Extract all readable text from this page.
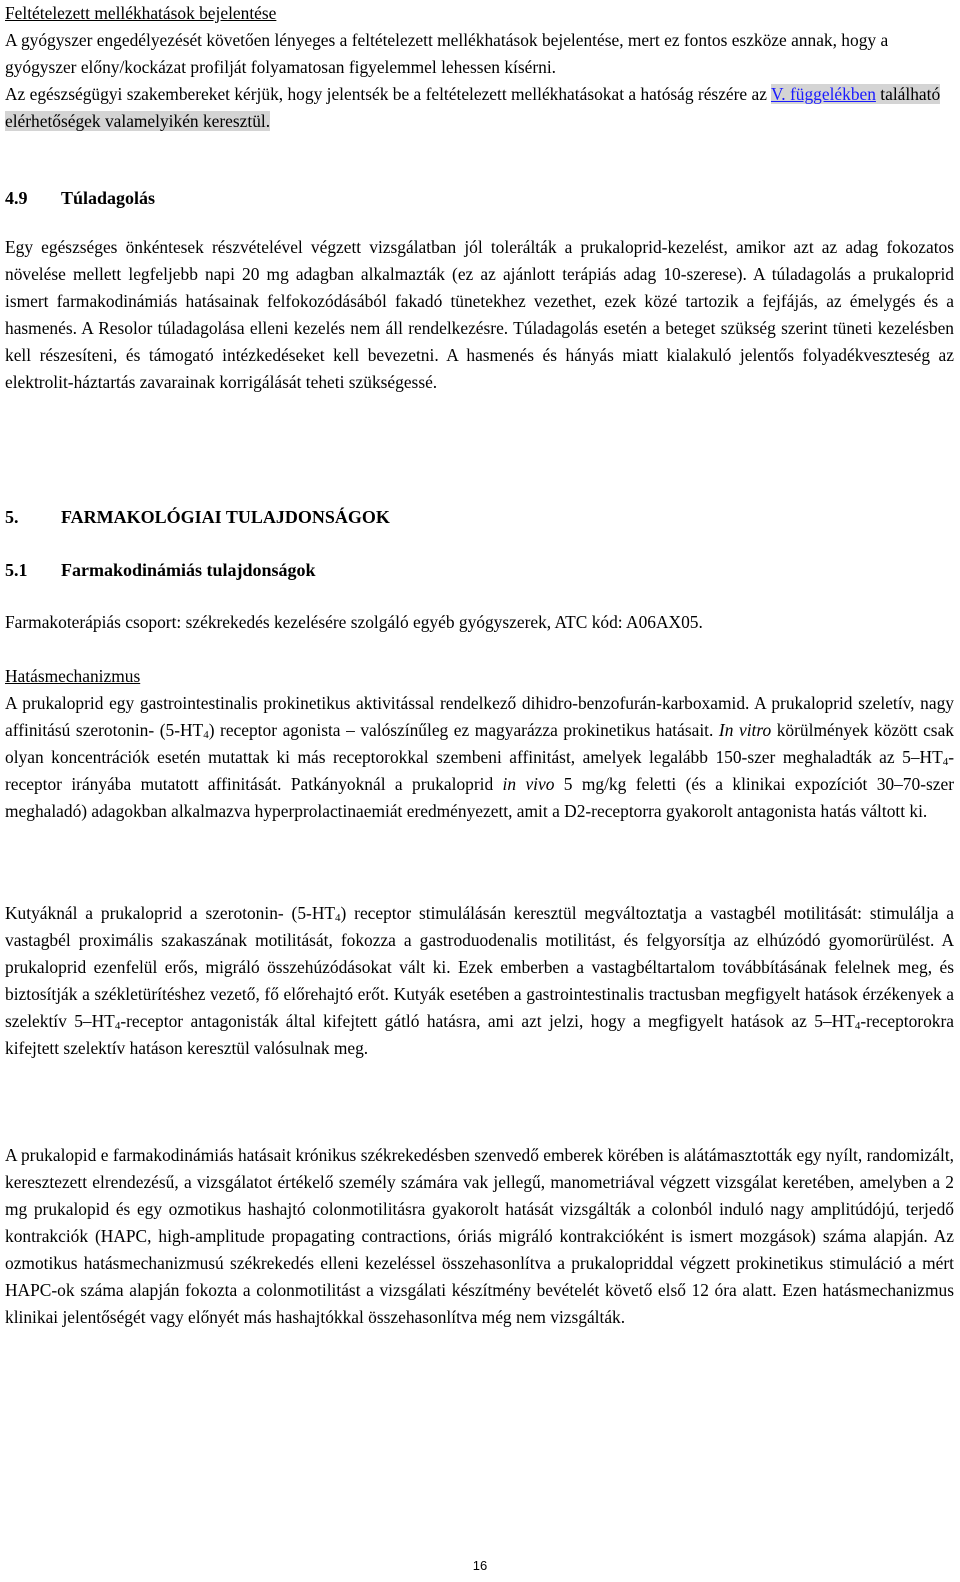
Feltételezett mellékhatások bejelentése
A gyógyszer engedélyezését követően lényeges a feltételezett mellékhatások bejelentése, mert ez fontos eszköze annak, hogy a gyógyszer előny/kockázat profilját folyamatosan figyelemmel lehessen kísérni.
Az egészségügyi szakembereket kérjük, hogy jelentsék be a feltételezett mellékhatásokat a hatóság részére az V. függelékben található elérhetőségek valamelyikén keresztül.
4.9 Túladagolás

Egy egészséges önkéntesek részvételével végzett vizsgálatban jól tolerálták a prukaloprid-kezelést, amikor azt az adag fokozatos növelése mellett legfeljebb napi 20 mg adagban alkalmazták (ez az ajánlott terápiás adag 10-szerese). A túladagolás a prukaloprid ismert farmakodinámiás hatásainak felfokozódásából fakadó tünetekhez vezethet, ezek közé tartozik a fejfájás, az émelygés és a hasmenés. A Resolor túladagolása elleni kezelés nem áll rendelkezésre. Túladagolás esetén a beteget szükség szerint tüneti kezelésben kell részesíteni, és támogató intézkedéseket kell bevezetni. A hasmenés és hányás miatt kialakuló jelentős folyadékveszteség az elektrolit-háztartás zavarainak korrigálását teheti szükségessé.

5. FARMAKOLÓGIAI TULAJDONSÁGOK
5.1 Farmakodinámiás tulajdonságok

Farmakoterápiás csoport: székrekedés kezelésére szolgáló egyéb gyógyszerek, ATC kód: A06AX05.

Hatásmechanizmus
A prukaloprid egy gastrointestinalis prokinetikus aktivitással rendelkező dihidro-benzofurán-karboxamid. A prukaloprid szeletív, nagy affinitású szerotonin- $(5-HT_4)$ receptor agonista – valószínűleg ez magyarázza prokinetikus hatásait. In vitro körülmények között csak olyan koncentrációk esetén mutattak ki más receptorokkal szembeni affinitást, amelyek legalább 150-szer meghaladták az $5-HT_4$-receptor irányába mutatott affinitását. Patkányoknál a prukaloprid in vivo 5 mg/kg feletti (és a klinikai expozíciót 30–70-szer meghaladó) adagokban alkalmazva hyperprolactinaemiát eredményezett, amit a D2-receptorra gyakorolt antagonista hatás váltott ki.

Kutyáknál a prukaloprid a szerotonin- $(5-HT_4)$ receptor stimulálásán keresztül megváltoztatja a vastagbél motilitását: stimulálja a vastagbél proximális szakaszának motilitását, fokozza a gastroduodenalis motilitást, és felgyorsítja az elhúzódó gyomorürülést. A prukaloprid ezenfelül erős, migráló összehúzódásokat vált ki. Ezek emberben a vastagbéltartalom továbbításának felelnek meg, és biztosítják a székletürítéshez vezető, fő előrehajtó erőt. Kutyák esetében a gastrointestinalis tractusban megfigyelt hatások érzékenyek a szelektív $5-HT_4$-receptor antagonisták által kifejtett gátló hatásra, ami azt jelzi, hogy a megfigyelt hatások az $5-HT_4$-receptorokra kifejtett szelektív hatáson keresztül valósulnak meg.

A prukalopid e farmakodinámiás hatásait krónikus székrekedésben szenvedő emberek körében is alátámasztották egy nyílt, randomizált, keresztezett elrendezésű, a vizsgálatot értékelő személy számára vak jellegű, manometriával végzett vizsgálat keretében, amelyben a 2 mg prukalopid és egy ozmotikus hashajtó colonmotilitásra gyakorolt hatását vizsgálták a colonból induló nagy amplitúdójú, terjedő kontrakciók (HAPC, high-amplitude propagating contractions, óriás migráló kontrakcióként is ismert mozgások) száma alapján. Az ozmotikus hatásmechanizmusú székrekedés elleni kezeléssel összehasonlítva a prukalopriddal végzett prokinetikus stimuláció a mért HAPC-ok száma alapján fokozta a colonmotilitást a vizsgálati készítmény bevételét követő első 12 óra alatt. Ezen hatásmechanizmus klinikai jelentőségét vagy előnyét más hashajtókkal összehasonlítva még nem vizsgálták.

16
